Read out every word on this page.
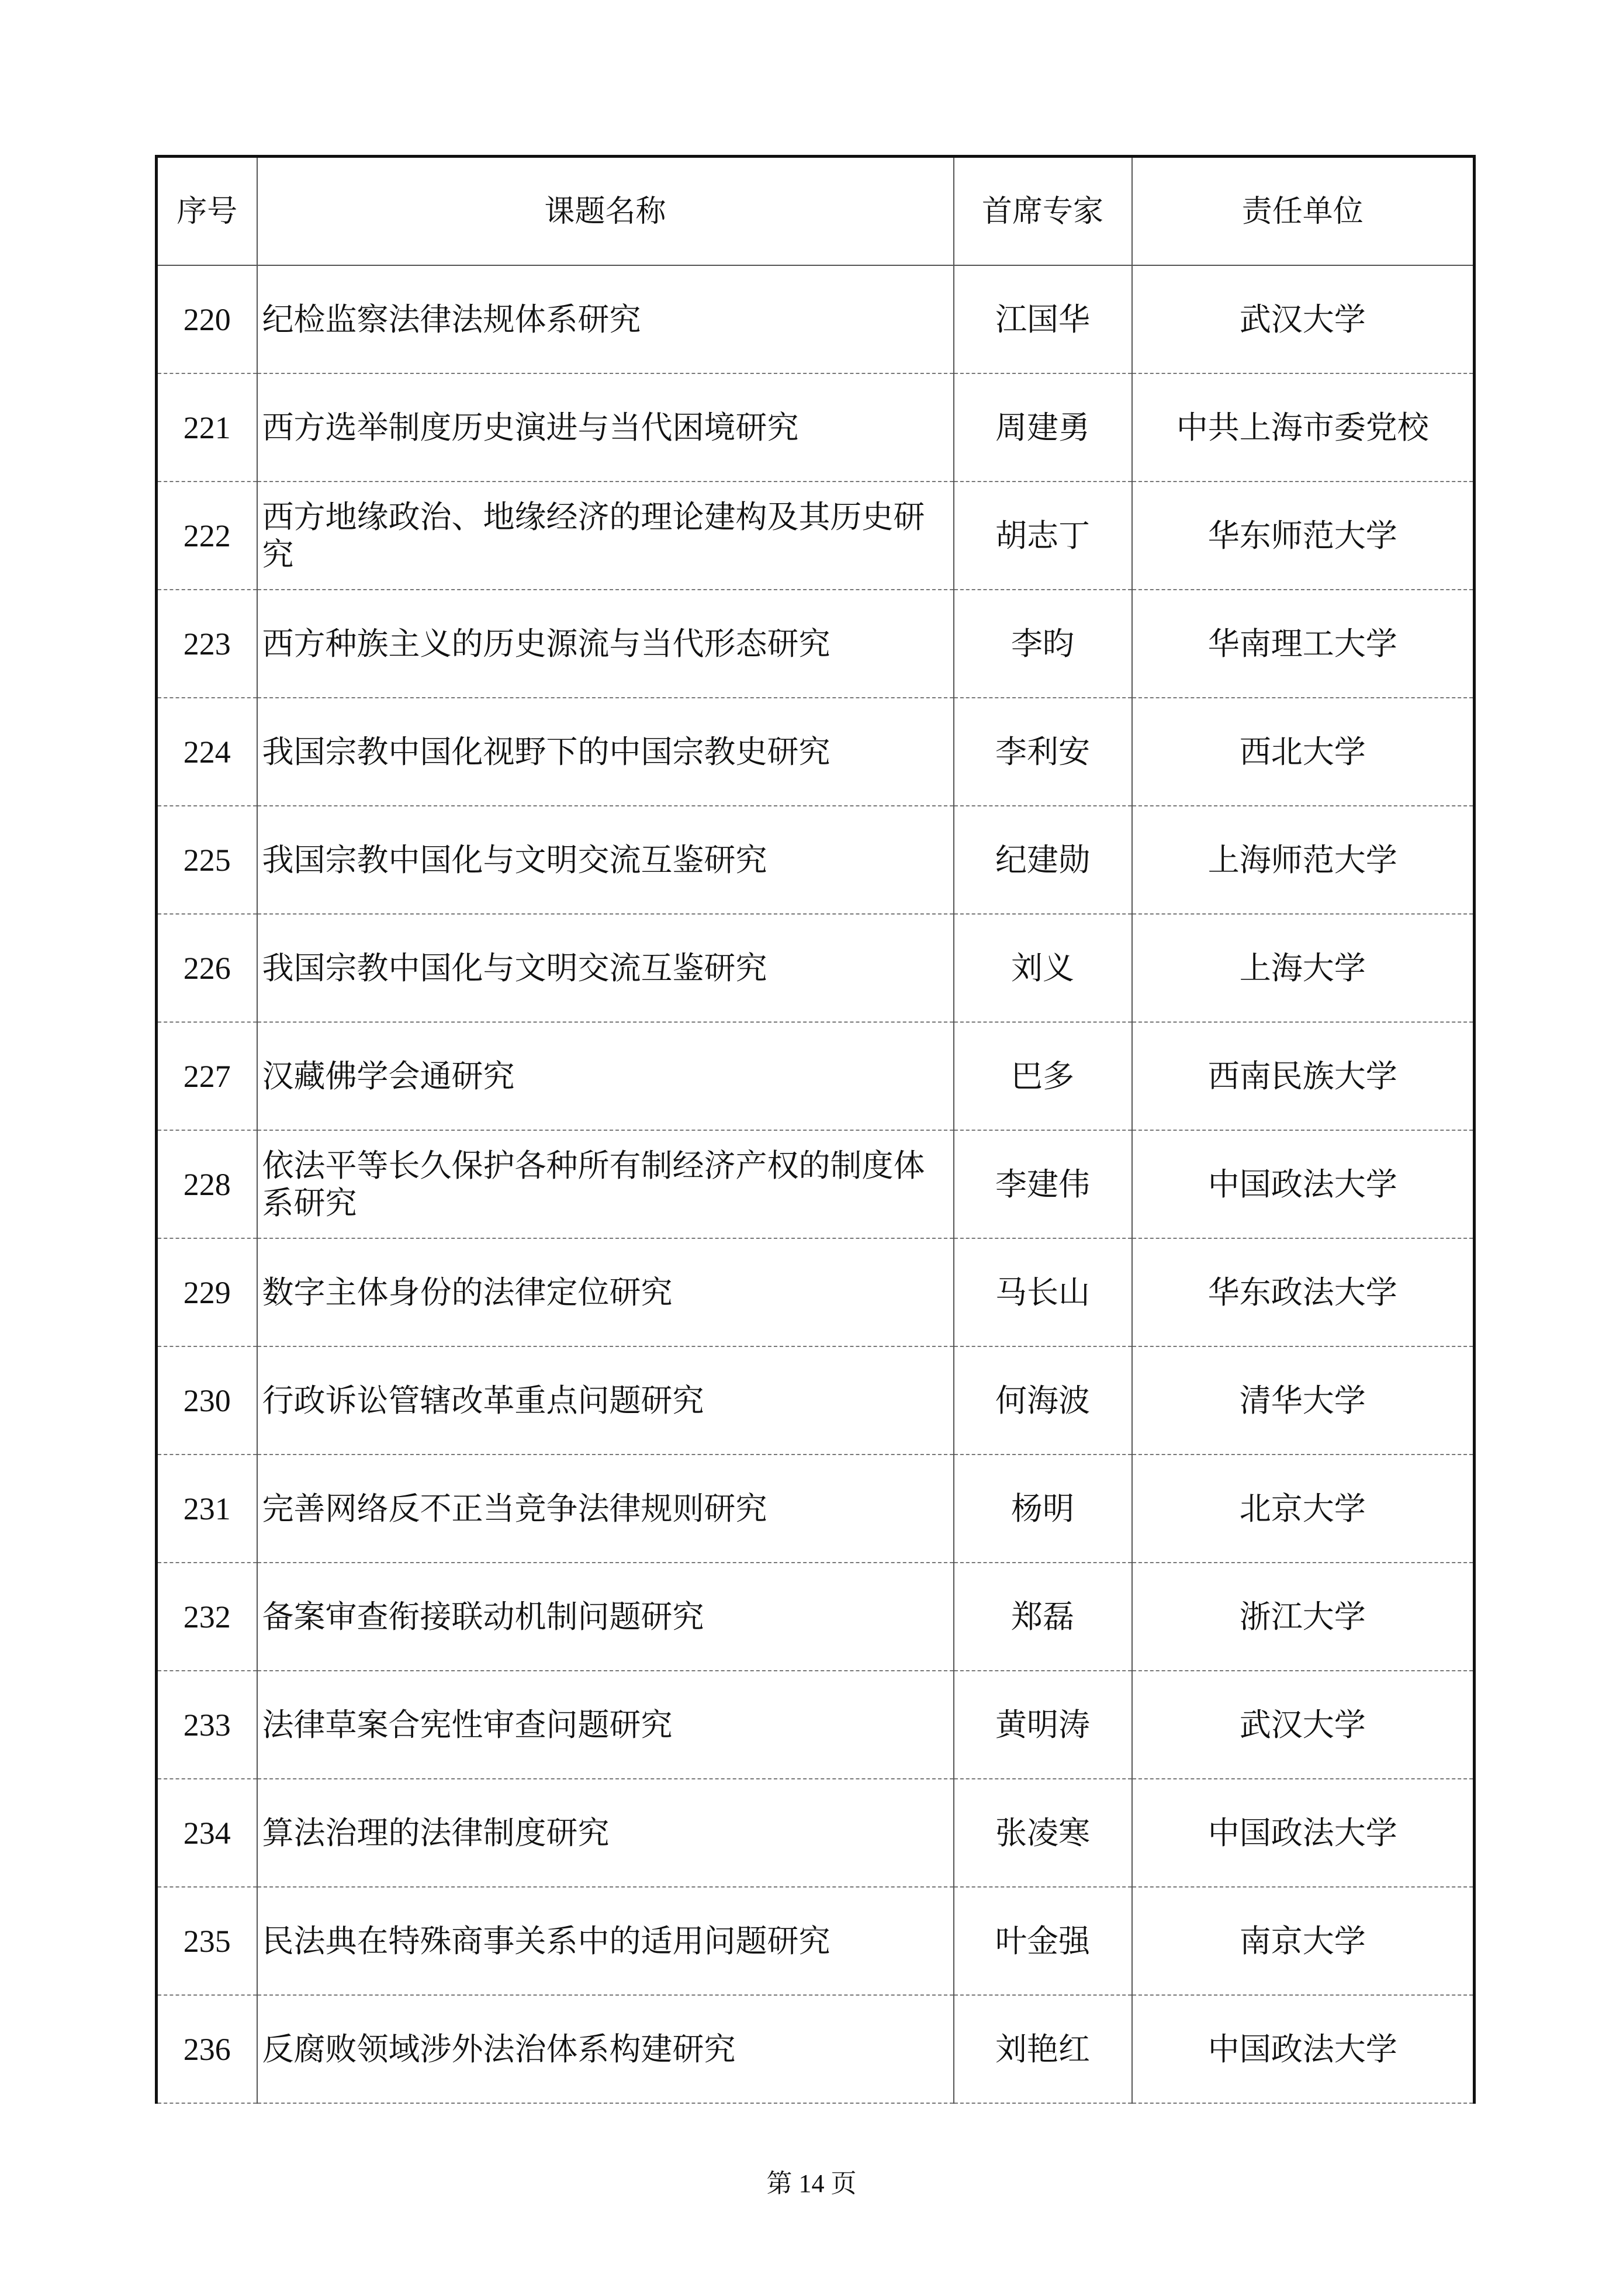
序号	课题名称	首席专家	责任单位
220	纪检监察法律法规体系研究	江国华	武汉大学
221	西方选举制度历史演进与当代困境研究	周建勇	中共上海市委党校
222	西方地缘政治、地缘经济的理论建构及其历史研究	胡志丁	华东师范大学
223	西方种族主义的历史源流与当代形态研究	李昀	华南理工大学
224	我国宗教中国化视野下的中国宗教史研究	李利安	西北大学
225	我国宗教中国化与文明交流互鉴研究	纪建勋	上海师范大学
226	我国宗教中国化与文明交流互鉴研究	刘义	上海大学
227	汉藏佛学会通研究	巴多	西南民族大学
228	依法平等长久保护各种所有制经济产权的制度体系研究	李建伟	中国政法大学
229	数字主体身份的法律定位研究	马长山	华东政法大学
230	行政诉讼管辖改革重点问题研究	何海波	清华大学
231	完善网络反不正当竞争法律规则研究	杨明	北京大学
232	备案审查衔接联动机制问题研究	郑磊	浙江大学
233	法律草案合宪性审查问题研究	黄明涛	武汉大学
234	算法治理的法律制度研究	张凌寒	中国政法大学
235	民法典在特殊商事关系中的适用问题研究	叶金强	南京大学
236	反腐败领域涉外法治体系构建研究	刘艳红	中国政法大学
第 14 页
